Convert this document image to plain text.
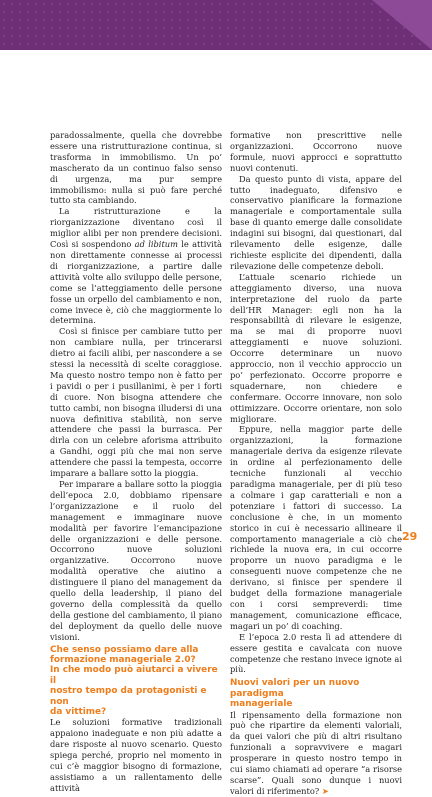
paradossalmente, quella che dovrebbe essere una ristrutturazione continua, si trasforma in immobilismo. Un po’ mascherato da un continuo falso senso di urgenza, ma pur sempre immobilismo: nulla si può fare perché tutto sta cambiando.

La ristrutturazione e la riorganizzazione diventano così il miglior alibi per non prendere decisioni. Così si sospendono ad libitum le attività non direttamente connesse ai processi di riorganizzazione, a partire dalle attività volte allo sviluppo delle persone, come se l’atteggiamento delle persone fosse un orpello del cambiamento e non, come invece è, ciò che maggiormente lo determina.

Così si finisce per cambiare tutto per non cambiare nulla, per trincerarsi dietro ai facili alibi, per nascondere a se stessi la necessità di scelte coraggiose. Ma questo nostro tempo non è fatto per i pavidi o per i pusillanimi, è per i forti di cuore. Non bisogna attendere che tutto cambi, non bisogna illudersi di una nuova definitiva stabilità, non serve attendere che passi la burrasca. Per dirla con un celebre aforisma attribuito a Gandhi, oggi più che mai non serve attendere che passi la tempesta, occorre imparare a ballare sotto la pioggia.

Per imparare a ballare sotto la pioggia dell’epoca 2.0, dobbiamo ripensare l’organizzazione e il ruolo del management e immaginare nuove modalità per favorire l’emancipazione delle organizzazioni e delle persone. Occorrono nuove soluzioni organizzative. Occorrono nuove modalità operative che aiutino a distinguere il piano del management da quello della leadership, il piano del governo della complessità da quello della gestione del cambiamento, il piano del deployment da quello delle nuove visioni.

Che senso possiamo dare alla
formazione manageriale 2.0?
In che modo può aiutarci a vivere il
nostro tempo da protagonisti e non
da vittime?

Le soluzioni formative tradizionali appaiono inadeguate e non più adatte a dare risposte al nuovo scenario. Questo spiega perché, proprio nel momento in cui c’è maggior bisogno di formazione, assistiamo a un rallentamento delle attività

formative non prescrittive nelle organizzazioni. Occorrono nuove formule, nuovi approcci e soprattutto nuovi contenuti.

Da questo punto di vista, appare del tutto inadeguato, difensivo e conservativo pianificare la formazione manageriale e comportamentale sulla base di quanto emerge dalle consolidate indagini sui bisogni, dai questionari, dal rilevamento delle esigenze, dalle richieste esplicite dei dipendenti, dalla rilevazione delle competenze deboli.

L’attuale scenario richiede un atteggiamento diverso, una nuova interpretazione del ruolo da parte dell’HR Manager: egli non ha la responsabilità di rilevare le esigenze, ma se mai di proporre nuovi atteggiamenti e nuove soluzioni. Occorre determinare un nuovo approccio, non il vecchio approccio un po’ perfezionato. Occorre proporre e squadernare, non chiedere e confermare. Occorre innovare, non solo ottimizzare. Occorre orientare, non solo migliorare.

Eppure, nella maggior parte delle organizzazioni, la formazione manageriale deriva da esigenze rilevate in ordine al perfezionamento delle tecniche funzionali al vecchio paradigma manageriale, per di più teso a colmare i gap caratteriali e non a potenziare i fattori di successo. La conclusione è che, in un momento storico in cui è necessario allineare il comportamento manageriale a ciò che richiede la nuova era, in cui occorre proporre un nuovo paradigma e le conseguenti nuove competenze che ne derivano, si finisce per spendere il budget della formazione manageriale con i corsi sempreverdi: time management, comunicazione efficace, magari un po’ di coaching.

E l’epoca 2.0 resta lì ad attendere di essere gestita e cavalcata con nuove competenze che restano invece ignote ai più.

Nuovi valori per un nuovo paradigma
manageriale

Il ripensamento della formazione non può che ripartire da elementi valoriali, da quei valori che più di altri risultano funzionali a sopravvivere e magari prosperare in questo nostro tempo in cui siamo chiamati ad operare “a risorse scarse”. Quali sono dunque i nuovi valori di riferimento? ➤

29
